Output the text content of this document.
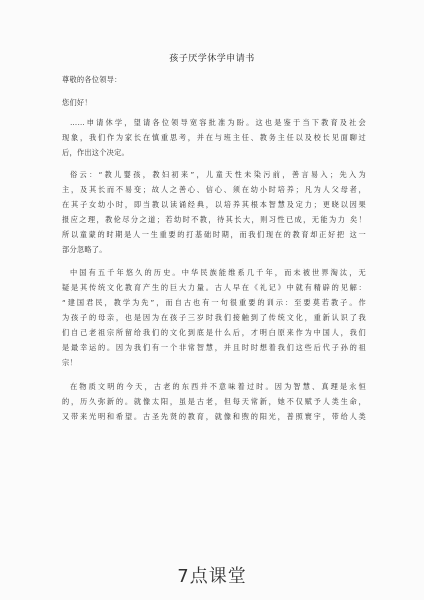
孩子厌学休学申请书
尊敬的各位领导：
您们好！
……申请休学，望请各位领导宽容批准为盼。这也是鉴于当下教育及社会
现象，我们作为家长在慎重思考，并在与班主任、教务主任以及校长见面聊过
后，作出这个决定。
俗云：“教儿婴孩，教妇初来”，儿童天性未染污前，善言易入；先入为
主，及其长而不易变；故人之善心、信心、须在幼小时培养；凡为人父母者，
在其子女幼小时，即当教以读诵经典，以培养其根本智慧及定力；更晓以因果
报应之理，教伦尽分之道；若幼时不教，待其长大，则习性已成，无能为力 矣！
所以童蒙的时期是人一生重要的打基础时期，而我们现在的教育却正好把 这一
部分忽略了。
中国有五千年悠久的历史。中华民族能维系几千年，而未被世界淘汰，无
疑是其传统文化教育产生的巨大力量。古人早在《礼记》中就有精辟的见解：
“建国君民，教学为先”，而自古也有一句很重要的训示：至要莫若教子。作
为孩子的母亲，也是因为在孩子三岁时我们接触到了传统文化，重新认识了我
们自己老祖宗所留给我们的文化到底是什么后，才明白原来作为中国人，我们
是最幸运的。因为我们有一个非常智慧，并且时时想着我们这些后代子孙的祖
宗！
在物质文明的今天，古老的东西并不意味着过时。因为智慧、真理是永恒
的，历久弥新的。就像太阳，虽是古老，但每天常新，她不仅赋予人类生命，
又带来光明和希望。古圣先贤的教育，就像和煦的阳光，普照寰宇，带给人类
7点课堂
